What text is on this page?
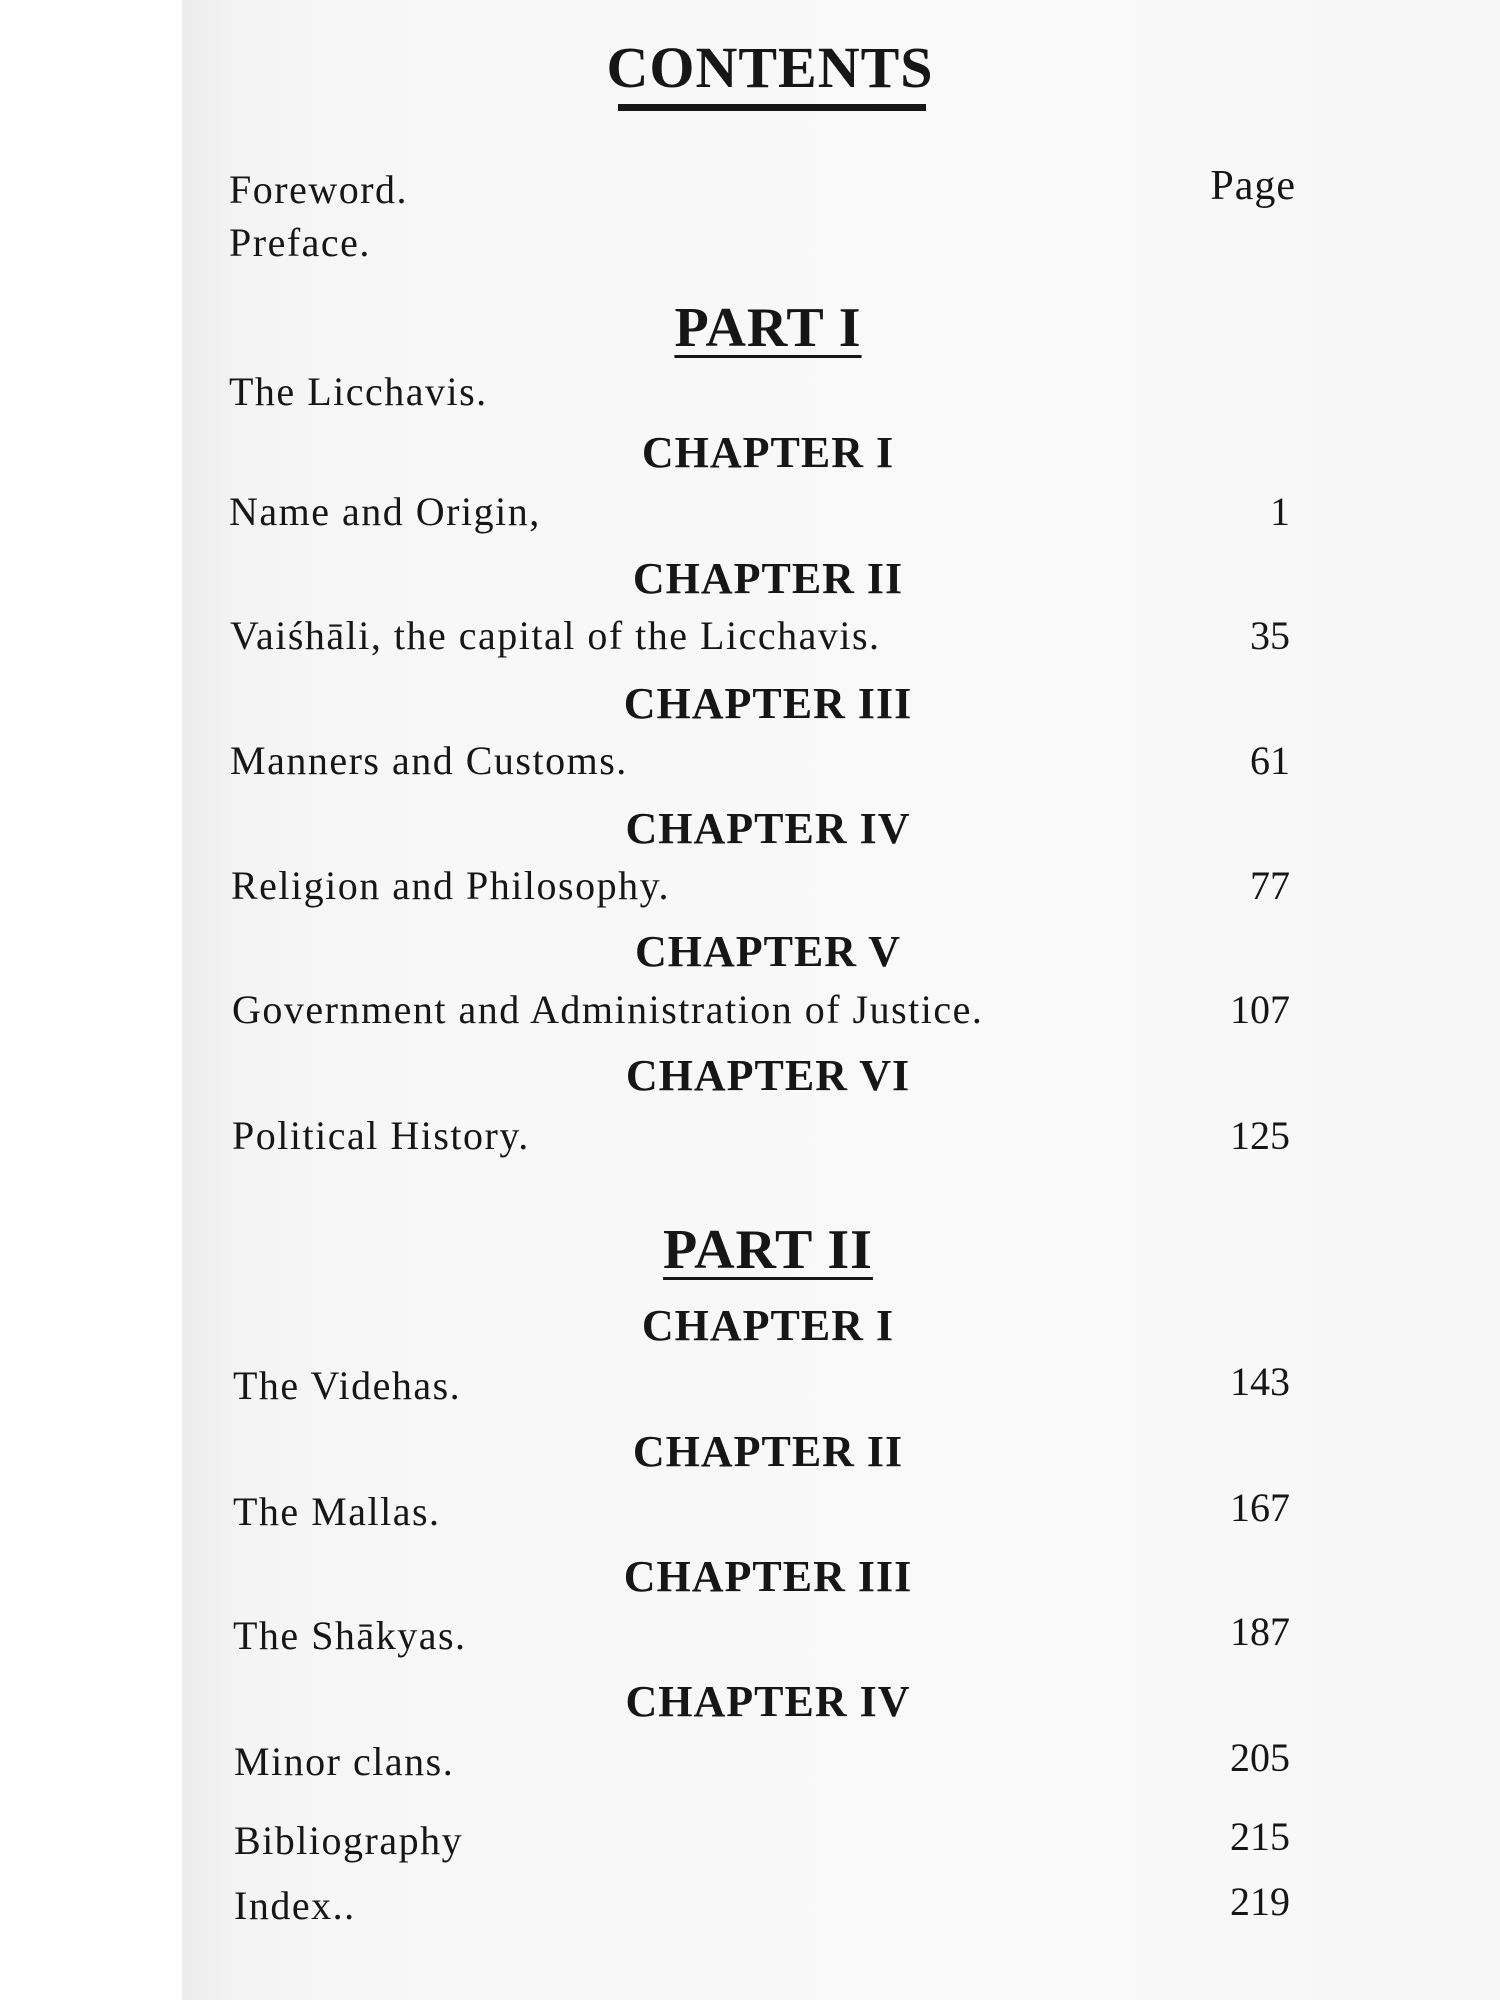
CONTENTS
Foreword.	Page
Preface.
PART I
The Licchavis.
CHAPTER I
Name and Origin,	1
CHAPTER II
Vaiśhāli, the capital of the Licchavis.	35
CHAPTER III
Manners and Customs.	61
CHAPTER IV
Religion and Philosophy.	77
CHAPTER V
Government and Administration of Justice.	107
CHAPTER VI
Political History.	125
PART II
CHAPTER I
The Videhas.	143
CHAPTER II
The Mallas.	167
CHAPTER III
The Shākyas.	187
CHAPTER IV
Minor clans.	205
Bibliography	215
Index..	219
